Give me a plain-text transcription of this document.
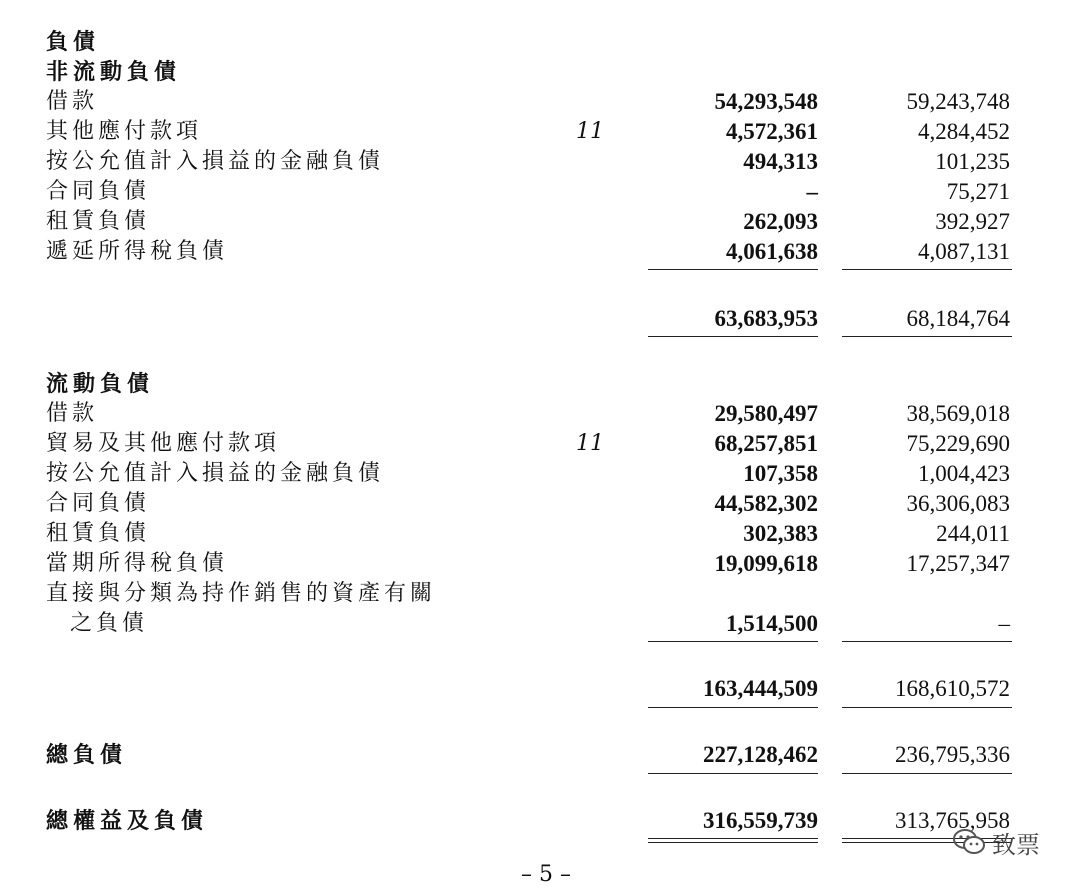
負債
非流動負債
借款	54,293,548	59,243,748
其他應付款項	11	4,572,361	4,284,452
按公允值計入損益的金融負債	494,313	101,235
合同負債	–	75,271
租賃負債	262,093	392,927
遞延所得稅負債	4,061,638	4,087,131
63,683,953	68,184,764
流動負債
借款	29,580,497	38,569,018
貿易及其他應付款項	11	68,257,851	75,229,690
按公允值計入損益的金融負債	107,358	1,004,423
合同負債	44,582,302	36,306,083
租賃負債	302,383	244,011
當期所得稅負債	19,099,618	17,257,347
直接與分類為持作銷售的資產有關
之負債	1,514,500	–
163,444,509	168,610,572
總負債	227,128,462	236,795,336
總權益及負債	316,559,739	313,765,958
致票
– 5 –
